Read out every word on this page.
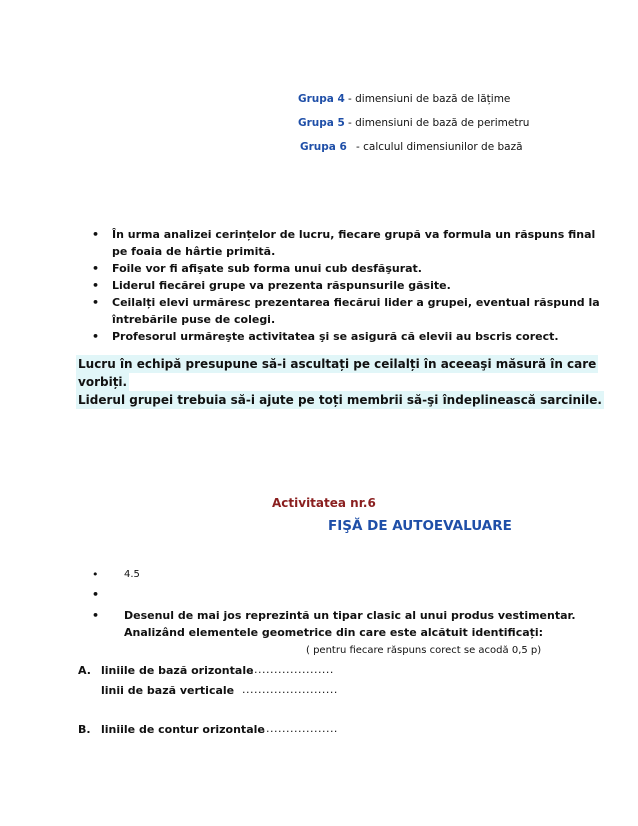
Grupa 4 - dimensiuni de bază de lățime
Grupa 5 - dimensiuni de bază de perimetru
Grupa 6 - calculul dimensiunilor de bază
• În urma analizei cerințelor de lucru, fiecare grupă va formula un răspuns final
pe foaia de hârtie primită.
• Foile vor fi afişate sub forma unui cub desfăşurat.
• Liderul fiecărei grupe va prezenta răspunsurile găsite.
• Ceilalți elevi urmăresc prezentarea fiecărui lider a grupei, eventual răspund la
întrebările puse de colegi.
• Profesorul urmăreşte activitatea şi se asigură că elevii au bscris corect.
Lucru în echipă presupune să-i ascultați pe ceilalți în aceeaşi măsură în care
vorbiți.
Liderul grupei trebuia să-i ajute pe toți membrii să-şi îndeplinească sarcinile.
Activitatea nr.6
FIŞĂ DE AUTOEVALUARE
•	4.5
•
• Desenul de mai jos reprezintă un tipar clasic al unui produs vestimentar.
Analizând elementele geometrice din care este alcătuit identificați:
( pentru fiecare răspuns corect se acodă 0,5 p)
A. liniile de bază orizontale
......................
linii de bază verticale ........................
B. liniile de contur orizontale
....................
